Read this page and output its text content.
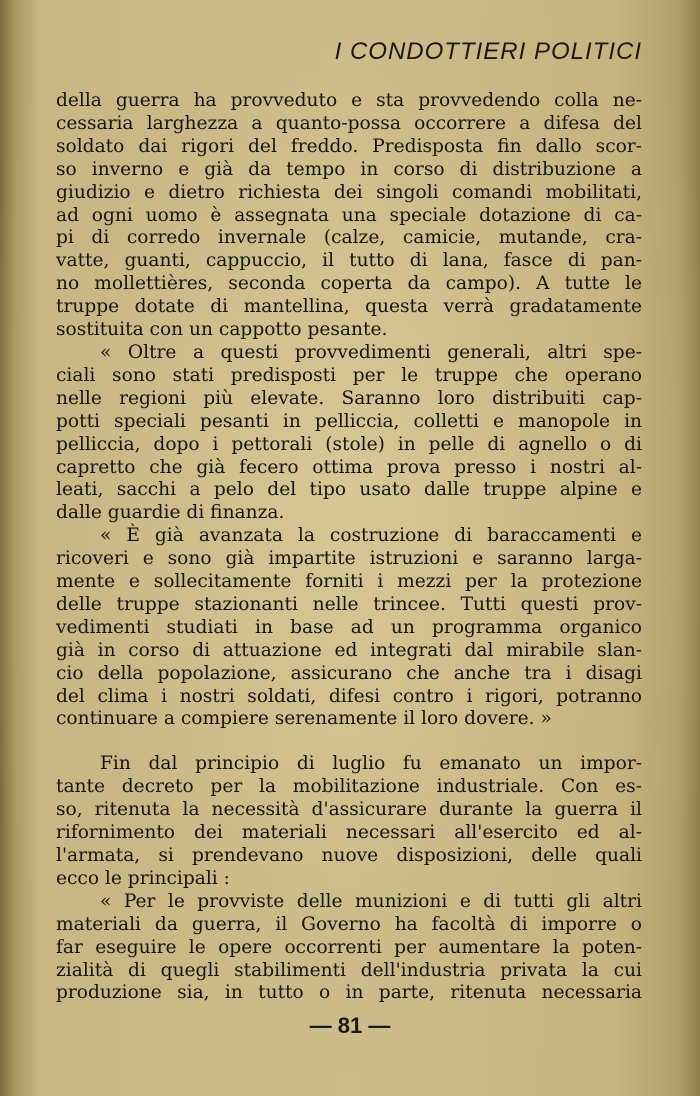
I CONDOTTIERI POLITICI
della guerra ha provveduto e sta provvedendo colla ne-
cessaria larghezza a quanto-possa occorrere a difesa del
soldato dai rigori del freddo. Predisposta fin dallo scor-
so inverno e già da tempo in corso di distribuzione a
giudizio e dietro richiesta dei singoli comandi mobilitati,
ad ogni uomo è assegnata una speciale dotazione di ca-
pi di corredo invernale (calze, camicie, mutande, cra-
vatte, guanti, cappuccio, il tutto di lana, fasce di pan-
no mollettières, seconda coperta da campo). A tutte le
truppe dotate di mantellina, questa verrà gradatamente
sostituita con un cappotto pesante.
« Oltre a questi provvedimenti generali, altri spe-
ciali sono stati predisposti per le truppe che operano
nelle regioni più elevate. Saranno loro distribuiti cap-
potti speciali pesanti in pelliccia, colletti e manopole in
pelliccia, dopo i pettorali (stole) in pelle di agnello o di
capretto che già fecero ottima prova presso i nostri al-
leati, sacchi a pelo del tipo usato dalle truppe alpine e
dalle guardie di finanza.
« È già avanzata la costruzione di baraccamenti e
ricoveri e sono già impartite istruzioni e saranno larga-
mente e sollecitamente forniti i mezzi per la protezione
delle truppe stazionanti nelle trincee. Tutti questi prov-
vedimenti studiati in base ad un programma organico
già in corso di attuazione ed integrati dal mirabile slan-
cio della popolazione, assicurano che anche tra i disagi
del clima i nostri soldati, difesi contro i rigori, potranno
continuare a compiere serenamente il loro dovere. »
Fin dal principio di luglio fu emanato un impor-
tante decreto per la mobilitazione industriale. Con es-
so, ritenuta la necessità d'assicurare durante la guerra il
rifornimento dei materiali necessari all'esercito ed al-
l'armata, si prendevano nuove disposizioni, delle quali
ecco le principali :
« Per le provviste delle munizioni e di tutti gli altri
materiali da guerra, il Governo ha facoltà di imporre o
far eseguire le opere occorrenti per aumentare la poten-
zialità di quegli stabilimenti dell'industria privata la cui
produzione sia, in tutto o in parte, ritenuta necessaria
— 81 —
